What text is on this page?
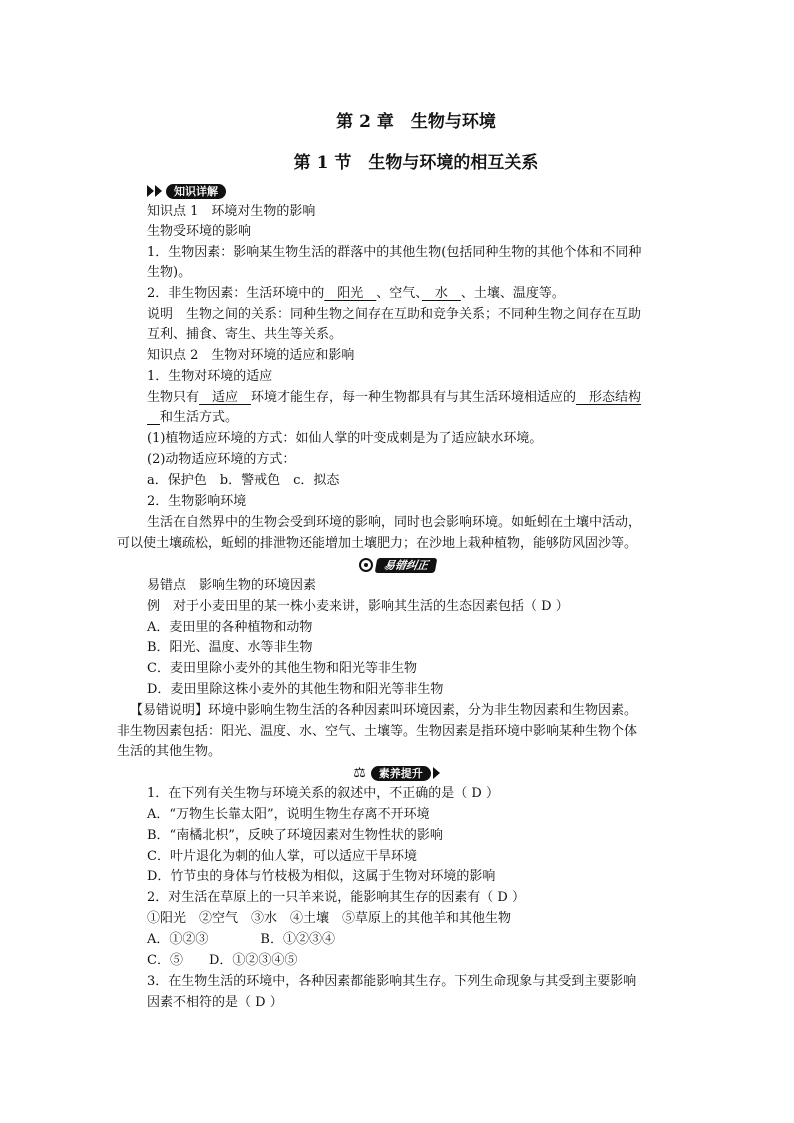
第 2 章　生物与环境
第 1 节　生物与环境的相互关系
知识详解
知识点 1　环境对生物的影响
生物受环境的影响
1．生物因素：影响某生物生活的群落中的其他生物(包括同种生物的其他个体和不同种
生物)。
2．非生物因素：生活环境中的　阳光　、空气、　水　、土壤、温度等。
说明　生物之间的关系：同种生物之间存在互助和竞争关系；不同种生物之间存在互助
互利、捕食、寄生、共生等关系。
知识点 2　生物对环境的适应和影响
1．生物对环境的适应
生物只有　适应　环境才能生存，每一种生物都具有与其生活环境相适应的　形态结构
　和生活方式。
(1)植物适应环境的方式：如仙人掌的叶变成刺是为了适应缺水环境。
(2)动物适应环境的方式：
a．保护色　b．警戒色　c．拟态
2．生物影响环境
生活在自然界中的生物会受到环境的影响，同时也会影响环境。如蚯蚓在土壤中活动，
可以使土壤疏松，蚯蚓的排泄物还能增加土壤肥力；在沙地上栽种植物，能够防风固沙等。
易错纠正
易错点　影响生物的环境因素
例　对于小麦田里的某一株小麦来讲，影响其生活的生态因素包括（ D ）
A．麦田里的各种植物和动物
B．阳光、温度、水等非生物
C．麦田里除小麦外的其他生物和阳光等非生物
D．麦田里除这株小麦外的其他生物和阳光等非生物
【易错说明】环境中影响生物生活的各种因素叫环境因素，分为非生物因素和生物因素。
非生物因素包括：阳光、温度、水、空气、土壤等。生物因素是指环境中影响某种生物个体
生活的其他生物。
⚖	素养提升
1．在下列有关生物与环境关系的叙述中，不正确的是（ D ）
A．“万物生长靠太阳”，说明生物生存离不开环境
B．“南橘北枳”，反映了环境因素对生物性状的影响
C．叶片退化为刺的仙人掌，可以适应干旱环境
D．竹节虫的身体与竹枝极为相似，这属于生物对环境的影响
2．对生活在草原上的一只羊来说，能影响其生存的因素有（ D ）
①阳光　②空气　③水　④土壤　⑤草原上的其他羊和其他生物
A．①②③　　　　B．①②③④
C．⑤　　D．①②③④⑤
3．在生物生活的环境中，各种因素都能影响其生存。下列生命现象与其受到主要影响
因素不相符的是（ D ）
